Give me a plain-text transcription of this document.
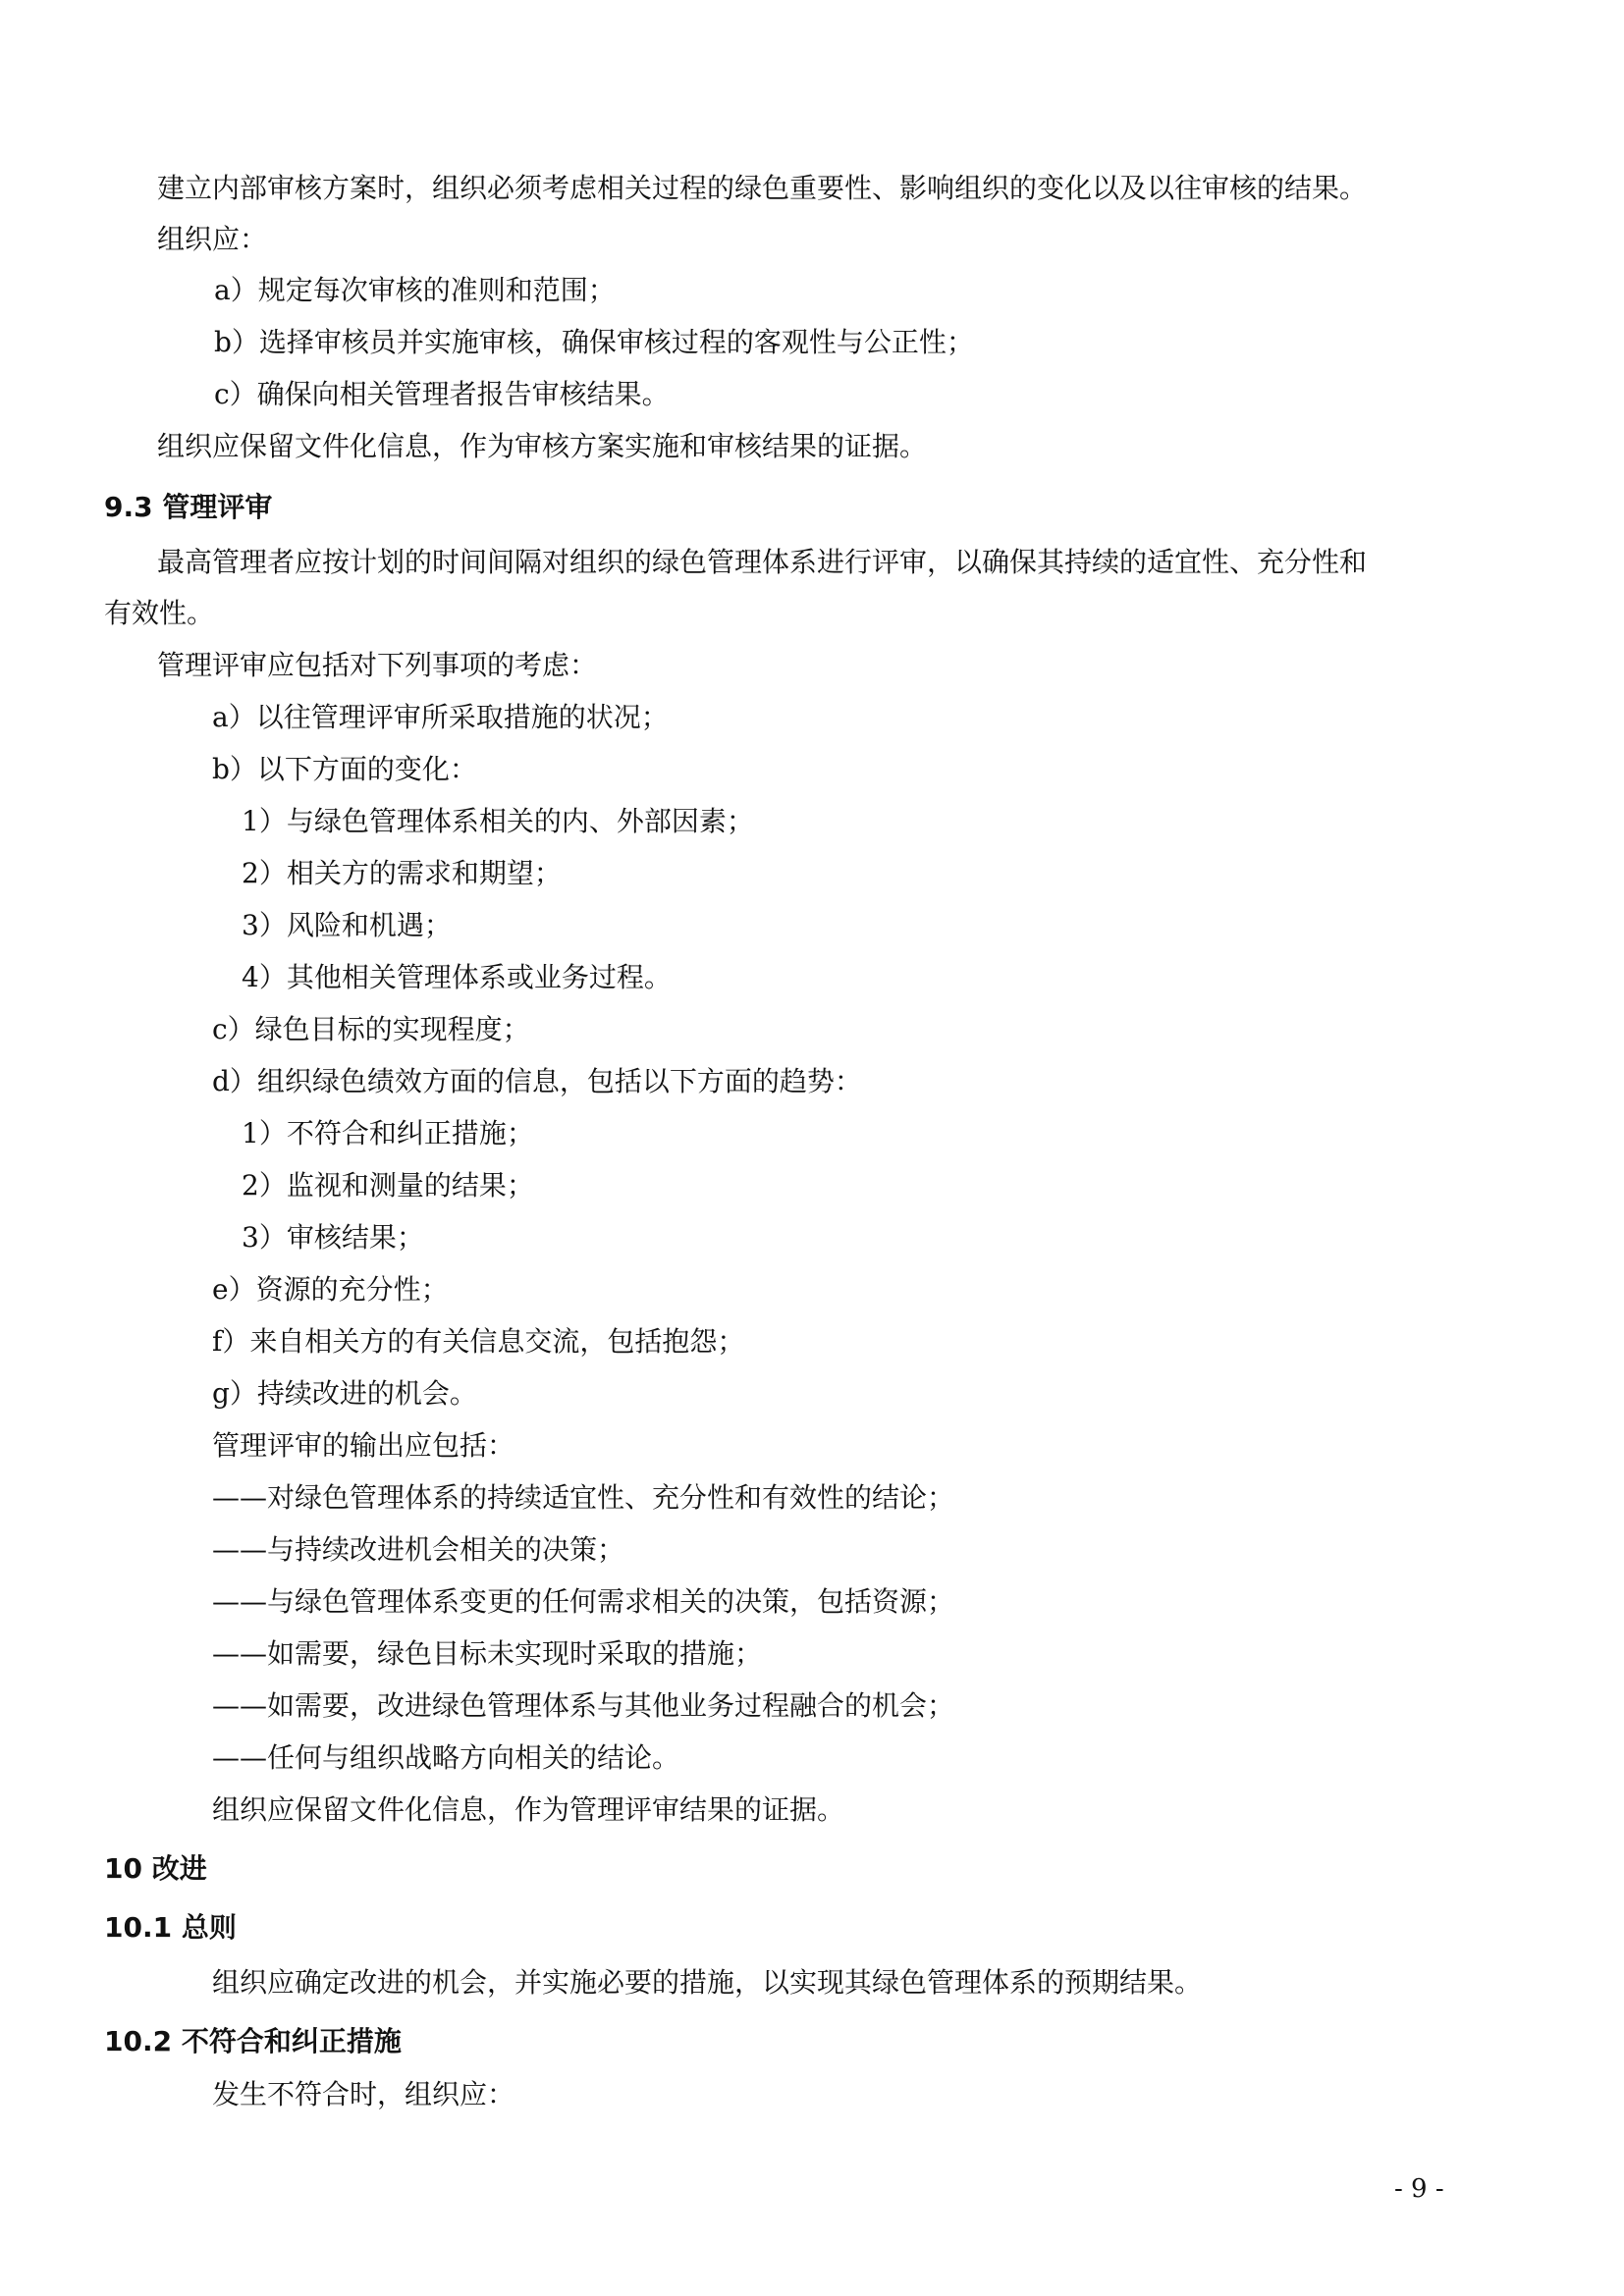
建立内部审核方案时，组织必须考虑相关过程的绿色重要性、影响组织的变化以及以往审核的结果。
组织应：
a）规定每次审核的准则和范围；
b）选择审核员并实施审核，确保审核过程的客观性与公正性；
c）确保向相关管理者报告审核结果。
组织应保留文件化信息，作为审核方案实施和审核结果的证据。
9.3 管理评审
最高管理者应按计划的时间间隔对组织的绿色管理体系进行评审，以确保其持续的适宜性、充分性和
有效性。
管理评审应包括对下列事项的考虑：
a）以往管理评审所采取措施的状况；
b）以下方面的变化：
1）与绿色管理体系相关的内、外部因素；
2）相关方的需求和期望；
3）风险和机遇；
4）其他相关管理体系或业务过程。
c）绿色目标的实现程度；
d）组织绿色绩效方面的信息，包括以下方面的趋势：
1）不符合和纠正措施；
2）监视和测量的结果；
3）审核结果；
e）资源的充分性；
f）来自相关方的有关信息交流，包括抱怨；
g）持续改进的机会。
管理评审的输出应包括：
——对绿色管理体系的持续适宜性、充分性和有效性的结论；
——与持续改进机会相关的决策；
——与绿色管理体系变更的任何需求相关的决策，包括资源；
——如需要，绿色目标未实现时采取的措施；
——如需要，改进绿色管理体系与其他业务过程融合的机会；
——任何与组织战略方向相关的结论。
组织应保留文件化信息，作为管理评审结果的证据。
10 改进
10.1 总则
组织应确定改进的机会，并实施必要的措施，以实现其绿色管理体系的预期结果。
10.2 不符合和纠正措施
发生不符合时，组织应：
- 9 -
